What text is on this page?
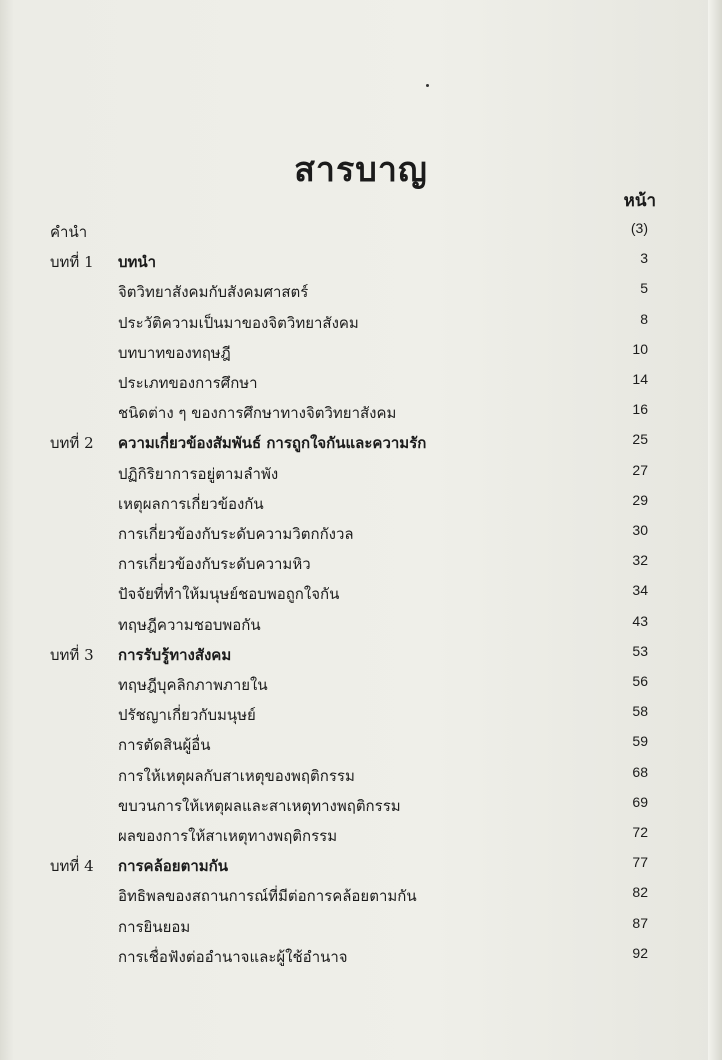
สารบาญ
หน้า
คำนำ	(3)
บทที่ 1 บทนำ	3
จิตวิทยาสังคมกับสังคมศาสตร์	5
ประวัติความเป็นมาของจิตวิทยาสังคม	8
บทบาทของทฤษฎี	10
ประเภทของการศึกษา	14
ชนิดต่าง ๆ ของการศึกษาทางจิตวิทยาสังคม	16
บทที่ 2 ความเกี่ยวข้องสัมพันธ์ การถูกใจกันและความรัก	25
ปฏิกิริยาการอยู่ตามลำพัง	27
เหตุผลการเกี่ยวข้องกัน	29
การเกี่ยวข้องกับระดับความวิตกกังวล	30
การเกี่ยวข้องกับระดับความหิว	32
ปัจจัยที่ทำให้มนุษย์ชอบพอถูกใจกัน	34
ทฤษฎีความชอบพอกัน	43
บทที่ 3 การรับรู้ทางสังคม	53
ทฤษฎีบุคลิกภาพภายใน	56
ปรัชญาเกี่ยวกับมนุษย์	58
การตัดสินผู้อื่น	59
การให้เหตุผลกับสาเหตุของพฤติกรรม	68
ขบวนการให้เหตุผลและสาเหตุทางพฤติกรรม	69
ผลของการให้สาเหตุทางพฤติกรรม	72
บทที่ 4 การคล้อยตามกัน	77
อิทธิพลของสถานการณ์ที่มีต่อการคล้อยตามกัน	82
การยินยอม	87
การเชื่อฟังต่ออำนาจและผู้ใช้อำนาจ	92
